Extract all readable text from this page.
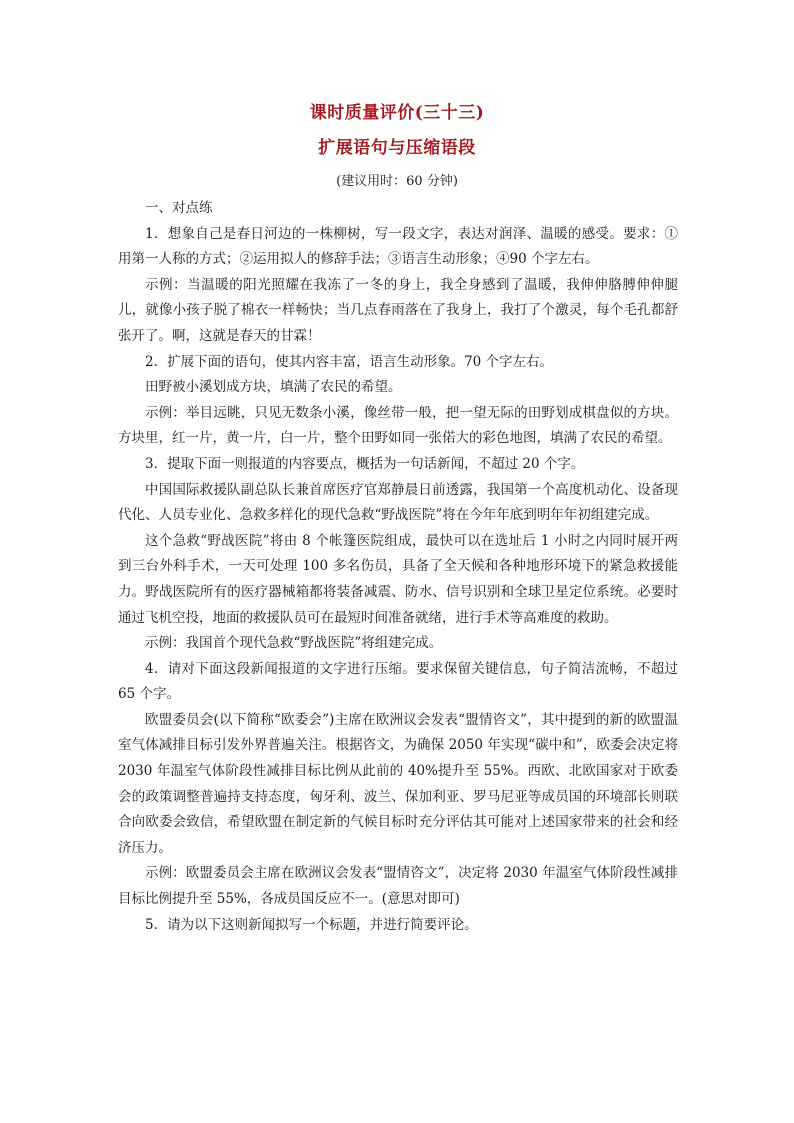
课时质量评价(三十三)
扩展语句与压缩语段
(建议用时：60 分钟)

一、对点练

1．想象自己是春日河边的一株柳树，写一段文字，表达对润泽、温暖的感受。要求：①用第一人称的方式；②运用拟人的修辞手法；③语言生动形象；④90 个字左右。

示例：当温暖的阳光照耀在我冻了一冬的身上，我全身感到了温暖，我伸伸胳膊伸伸腿儿，就像小孩子脱了棉衣一样畅快；当几点春雨落在了我身上，我打了个激灵，每个毛孔都舒张开了。啊，这就是春天的甘霖！

2．扩展下面的语句，使其内容丰富，语言生动形象。70 个字左右。

田野被小溪划成方块，填满了农民的希望。

示例：举目远眺，只见无数条小溪，像丝带一般，把一望无际的田野划成棋盘似的方块。方块里，红一片，黄一片，白一片，整个田野如同一张偌大的彩色地图，填满了农民的希望。

3．提取下面一则报道的内容要点，概括为一句话新闻，不超过 20 个字。

中国国际救援队副总队长兼首席医疗官郑静晨日前透露，我国第一个高度机动化、设备现代化、人员专业化、急救多样化的现代急救“野战医院”将在今年年底到明年年初组建完成。

这个急救“野战医院”将由 8 个帐篷医院组成，最快可以在选址后 1 小时之内同时展开两到三台外科手术，一天可处理 100 多名伤员，具备了全天候和各种地形环境下的紧急救援能力。野战医院所有的医疗器械箱都将装备减震、防水、信号识别和全球卫星定位系统。必要时通过飞机空投，地面的救援队员可在最短时间准备就绪，进行手术等高难度的救助。

示例：我国首个现代急救“野战医院”将组建完成。

4．请对下面这段新闻报道的文字进行压缩。要求保留关键信息，句子简洁流畅，不超过 65 个字。

欧盟委员会(以下简称“欧委会”)主席在欧洲议会发表“盟情咨文”，其中提到的新的欧盟温室气体减排目标引发外界普遍关注。根据咨文，为确保 2050 年实现“碳中和”，欧委会决定将 2030 年温室气体阶段性减排目标比例从此前的 40%提升至 55%。西欧、北欧国家对于欧委会的政策调整普遍持支持态度，匈牙利、波兰、保加利亚、罗马尼亚等成员国的环境部长则联合向欧委会致信，希望欧盟在制定新的气候目标时充分评估其可能对上述国家带来的社会和经济压力。

示例：欧盟委员会主席在欧洲议会发表“盟情咨文”，决定将 2030 年温室气体阶段性减排目标比例提升至 55%，各成员国反应不一。(意思对即可)

5．请为以下这则新闻拟写一个标题，并进行简要评论。
